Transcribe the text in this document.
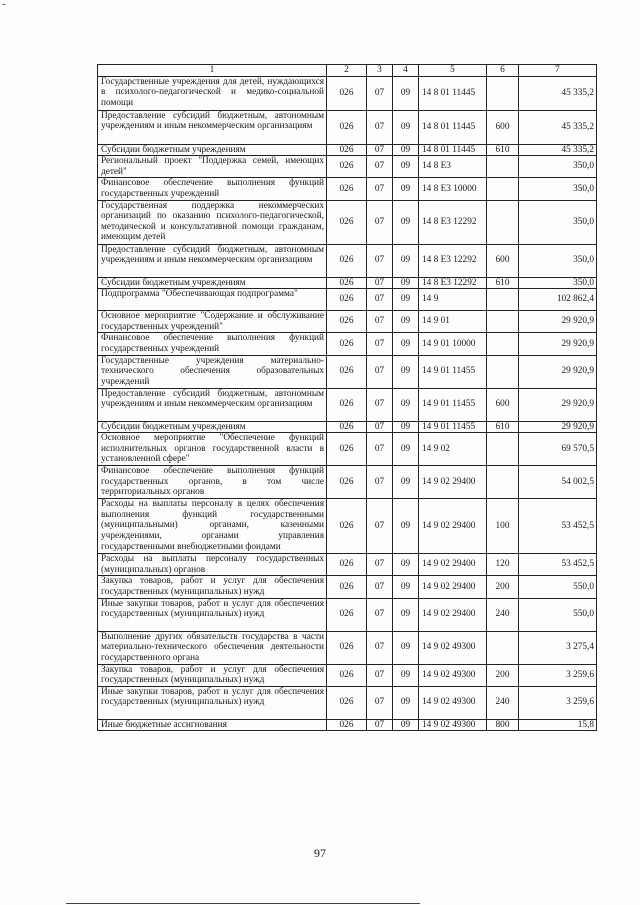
-
1	2	3	4	5	6	7
Государственные учреждения для детей, нуждающихся в психолого-педагогической и медико-социальной помощи	026	07	09	14 8 01 11445		45 335,2
Предоставление субсидий бюджетным, автономным учреждениям и иным некоммерческим организациям	026	07	09	14 8 01 11445	600	45 335,2
Субсидии бюджетным учреждениям	026	07	09	14 8 01 11445	610	45 335,2
Региональный проект "Поддержка семей, имеющих детей"	026	07	09	14 8 Е3		350,0
Финансовое обеспечение выполнения функций государственных учреждений	026	07	09	14 8 Е3 10000		350,0
Государственная поддержка некоммерческих организаций по оказанию психолого-педагогической, методической и консультативной помощи гражданам, имеющим детей	026	07	09	14 8 Е3 12292		350,0
Предоставление субсидий бюджетным, автономным учреждениям и иным некоммерческим организациям	026	07	09	14 8 Е3 12292	600	350,0
Субсидии бюджетным учреждениям	026	07	09	14 8 Е3 12292	610	350,0
Подпрограмма "Обеспечивающая подпрограмма"	026	07	09	14 9		102 862,4
Основное мероприятие "Содержание и обслуживание государственных учреждений"	026	07	09	14 9 01		29 920,9
Финансовое обеспечение выполнения функций государственных учреждений	026	07	09	14 9 01 10000		29 920,9
Государственные учреждения материально-технического обеспечения образовательных учреждений	026	07	09	14 9 01 11455		29 920,9
Предоставление субсидий бюджетным, автономным учреждениям и иным некоммерческим организациям	026	07	09	14 9 01 11455	600	29 920,9
Субсидии бюджетным учреждениям	026	07	09	14 9 01 11455	610	29 920,9
Основное мероприятие "Обеспечение функций исполнительных органов государственной власти в установленной сфере"	026	07	09	14 9 02		69 570,5
Финансовое обеспечение выполнения функций государственных органов, в том числе территориальных органов	026	07	09	14 9 02 29400		54 002,5
Расходы на выплаты персоналу в целях обеспечения выполнения функций государственными (муниципальными) органами, казенными учреждениями, органами управления государственными внебюджетными фондами	026	07	09	14 9 02 29400	100	53 452,5
Расходы на выплаты персоналу государственных (муниципальных) органов	026	07	09	14 9 02 29400	120	53 452,5
Закупка товаров, работ и услуг для обеспечения государственных (муниципальных) нужд	026	07	09	14 9 02 29400	200	550,0
Иные закупки товаров, работ и услуг для обеспечения государственных (муниципальных) нужд	026	07	09	14 9 02 29400	240	550,0
Выполнение других обязательств государства в части материально-технического обеспечения деятельности государственного органа	026	07	09	14 9 02 49300		3 275,4
Закупка товаров, работ и услуг для обеспечения государственных (муниципальных) нужд	026	07	09	14 9 02 49300	200	3 259,6
Иные закупки товаров, работ и услуг для обеспечения государственных (муниципальных) нужд	026	07	09	14 9 02 49300	240	3 259,6
Иные бюджетные ассигнования	026	07	09	14 9 02 49300	800	15,8
97
